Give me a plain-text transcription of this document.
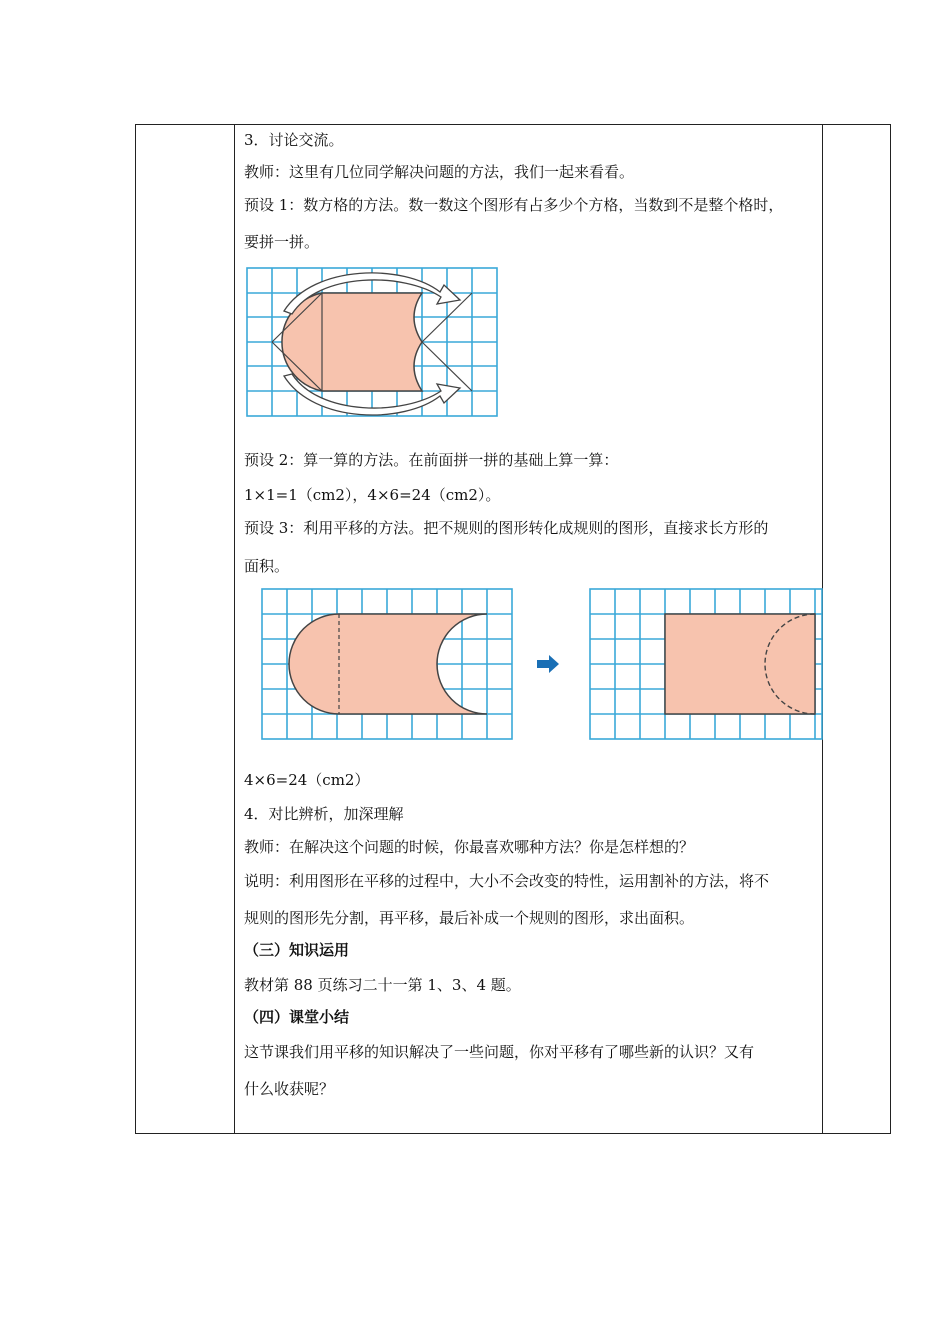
3．讨论交流。
教师：这里有几位同学解决问题的方法，我们一起来看看。
预设 1：数方格的方法。数一数这个图形有占多少个方格，当数到不是整个格时，
要拼一拼。
预设 2：算一算的方法。在前面拼一拼的基础上算一算：
1×1=1（cm2），4×6=24（cm2）。
预设 3：利用平移的方法。把不规则的图形转化成规则的图形，直接求长方形的
面积。
4×6=24（cm2）
4．对比辨析，加深理解
教师：在解决这个问题的时候，你最喜欢哪种方法？你是怎样想的？
说明：利用图形在平移的过程中，大小不会改变的特性，运用割补的方法，将不
规则的图形先分割，再平移，最后补成一个规则的图形，求出面积。
（三）知识运用
教材第 88 页练习二十一第 1、3、4 题。
（四）课堂小结
这节课我们用平移的知识解决了一些问题，你对平移有了哪些新的认识？又有
什么收获呢？
